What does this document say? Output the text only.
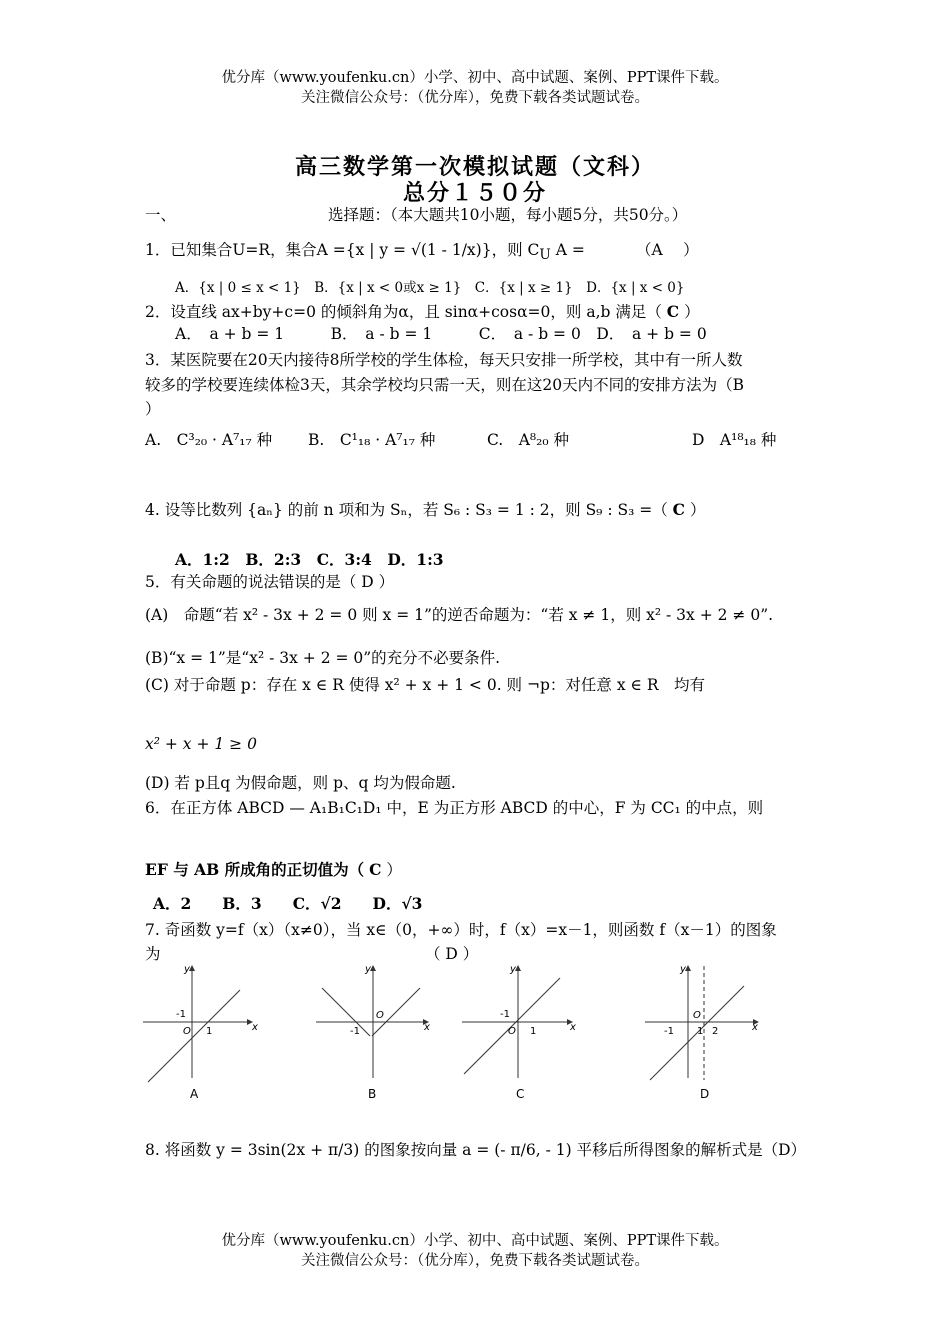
优分库（www.youfenku.cn）小学、初中、高中试题、案例、PPT课件下载。
关注微信公众号：（优分库），免费下载各类试题试卷。
高三数学第一次模拟试题（文科）
总分１５０分
一、	选择题：（本大题共10小题，每小题5分，共50分。）
1．已知集合U=R，集合A ={x | y = √(1 - 1/x)}，则 $C_U$ A =	（A　 ）
A．{x | 0 ≤ x < 1}　B．{x | x < 0或x ≥ 1}　C．{x | x ≥ 1}　D．{x | x < 0}
2．设直线 ax+by+c=0 的倾斜角为α，且 sinα+cosα=0，则 a,b 满足（ C ）
A．　a + b = 1　　　B．　a - b = 1　　　C．　a - b = 0　D．　a + b = 0
3．某医院要在20天内接待8所学校的学生体检，每天只安排一所学校，其中有一所人数
较多的学校要连续体检3天，其余学校均只需一天，则在这20天内不同的安排方法为（B
）
A.　C³₂₀ · A⁷₁₇ 种 B.　C¹₁₈ · A⁷₁₇ 种	C.　A⁸₂₀ 种	D　A¹⁸₁₈ 种
4. 设等比数列 {aₙ} 的前 n 项和为 Sₙ，若 S₆ : S₃ = 1 : 2，则 S₉ : S₃ =（ C ）
A．1:2　B．2:3　C．3:4　D．1:3
5．有关命题的说法错误的是（ D ）
(A)　命题“若 x² - 3x + 2 = 0 则 x = 1”的逆否命题为：“若 x ≠ 1，则 x² - 3x + 2 ≠ 0”.
(B)“x = 1”是“x² - 3x + 2 = 0”的充分不必要条件.
(C) 对于命题 p：存在 x ∈ R 使得 x² + x + 1 < 0. 则 ¬p：对任意 x ∈ R　均有
x² + x + 1 ≥ 0
(D) 若 p且q 为假命题，则 p、q 均为假命题.
6．在正方体 ABCD — A₁B₁C₁D₁ 中，E 为正方形 ABCD 的中心，F 为 CC₁ 的中点，则
EF 与 AB 所成角的正切值为（ C ）
A．2　　B．3　　C．√2　　D．√3
7. 奇函数 y=f（x）（x≠0），当 x∈（0，+∞）时，f（x）=x－1，则函数 f（x－1）的图象
为	（ D ）
x
y
O
-1
1	x
y
O
-1	x
y
O
-1
1	x
y
O
-1 1 2
A	B	C	D
8. 将函数 y = 3sin(2x + π/3) 的图象按向量 a = (- π/6, - 1) 平移后所得图象的解析式是（D）
优分库（www.youfenku.cn）小学、初中、高中试题、案例、PPT课件下载。
关注微信公众号：（优分库），免费下载各类试题试卷。
